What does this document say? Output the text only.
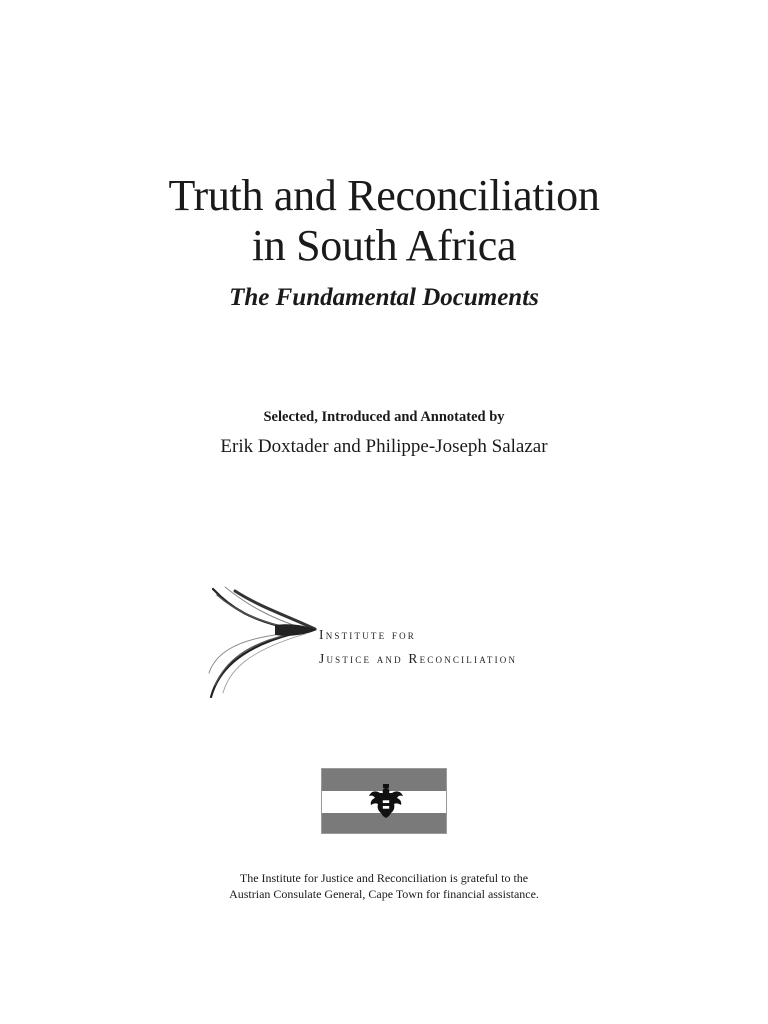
Truth and Reconciliation
in South Africa
The Fundamental Documents

Selected, Introduced and Annotated by

Erik Doxtader and Philippe-Joseph Salazar

Institute for
Justice and Reconciliation

The Institute for Justice and Reconciliation is grateful to the
Austrian Consulate General, Cape Town for financial assistance.
